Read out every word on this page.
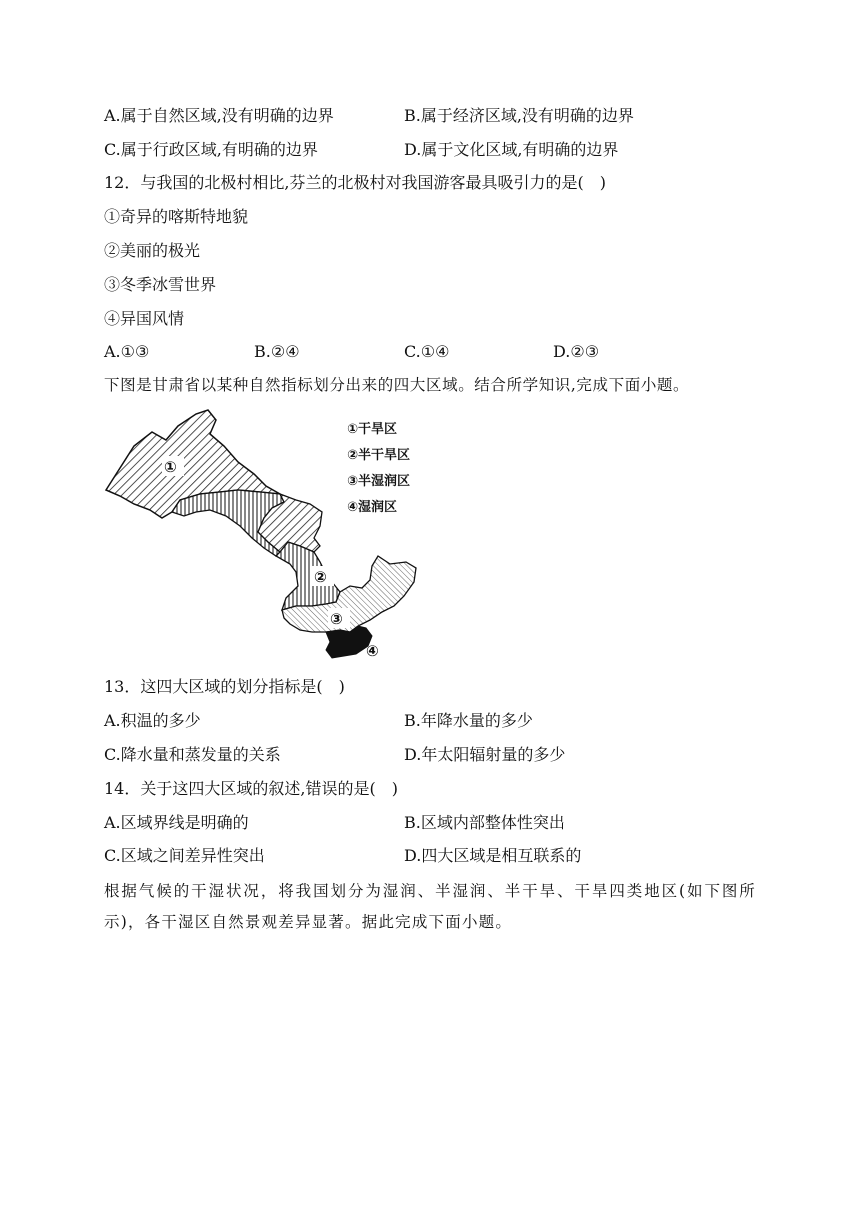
A.属于自然区域,没有明确的边界	B.属于经济区域,没有明确的边界
C.属于行政区域,有明确的边界	D.属于文化区域,有明确的边界
12．与我国的北极村相比,芬兰的北极村对我国游客最具吸引力的是(　)
①奇异的喀斯特地貌
②美丽的极光
③冬季冰雪世界
④异国风情
A.①③	B.②④	C.①④	D.②③
下图是甘肃省以某种自然指标划分出来的四大区域。结合所学知识,完成下面小题。
①
②
③
④
①干旱区
②半干旱区
③半湿润区
④湿润区
13．这四大区域的划分指标是(　)
A.积温的多少	B.年降水量的多少
C.降水量和蒸发量的关系	D.年太阳辐射量的多少
14．关于这四大区域的叙述,错误的是(　)
A.区域界线是明确的	B.区域内部整体性突出
C.区域之间差异性突出	D.四大区域是相互联系的
根据气候的干湿状况，将我国划分为湿润、半湿润、半干旱、干旱四类地区(如下图所示)，各干湿区自然景观差异显著。据此完成下面小题。
